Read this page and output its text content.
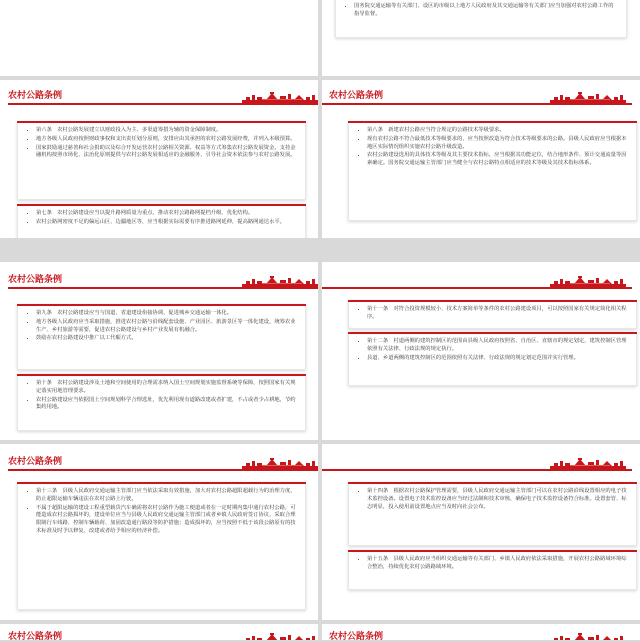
• 国务院交通运输等有关部门、设区的市级以上地方人民政府及其交通运输等有关部门应当加强对农村公路工作的指导监督。
农村公路条例
• 第六条　农村公路发展建立以财政投入为主、多渠道筹措为辅的资金保障制度。
• 地方各级人民政府按照财政事权和支出责任划分原则，安排应由其承担的农村公路发展经费，并列入本级预算。
• 国家鼓励通过慈善和社会捐助以及综合开发运营农村公路相关资源、权益等方式筹集农村公路发展资金。支持金融机构按照市场化、法治化原则提供与农村公路发展相适应的金融服务，引导社会资本依法参与农村公路发展。
• 第七条　农村公路建设应当以提升路网质量为重点，推动农村公路路网提档升级、优化结构。
• 农村公路网密度不足的偏远山区、边疆地区等，应当根据实际需要有序推进路网延伸，提高路网通达水平。
• 第八条　新建农村公路应当符合规定的公路技术等级要求。
• 现有农村公路不符合最低技术等级要求的，应当按照改造为符合技术等级要求的公路。县级人民政府应当根据本地区实际情况组织实施农村公路升级改造。
• 农村公路建设选用的具体技术等级及其主要技术指标，应当根据其功能定位，结合地形条件、预计交通流量等因素确定。国务院交通运输主管部门应当健全与农村公路特点相适应的技术等级及其技术指标体系。
农村公路条例
农村公路条例
• 第九条　农村公路建设应当与国道、省道建设衔接协调，促进城乡交通运输一体化。
• 地方各级人民政府应当采取措施，推进农村公路与沿线配套设施、产业园区、旅游景区等一体化建设，统筹农业生产、乡村旅游等需要，促进农村公路建设与乡村产业发展有机融合。
• 鼓励在农村公路建设中推广以工代赈方式。
• 第十条　农村公路建设涉及土地和空间使用的合理需求纳入国土空间规划实施监督系统等保障，按照国家有关规定落实用地管理要求。
• 农村公路建设应当依据国土空间规划科学合理选址，优先利用现有道路改建或者扩建，不占或者少占耕地，节约集约用地。
• 第十一条　对符合投资规模较小、技术方案简单等条件的农村公路建设项目，可以按照国家有关规定简化相关程序。
• 第十二条　村道两侧的建筑控制区的范围由县级人民政府按照省、自治区、直辖市的规定划定，建筑控制区管理依照有关法律、行政法规的规定执行。
• 县道、乡道两侧的建筑控制区的范围依照有关法律、行政法规的规定划定范围并实行管理。
农村公路条例
• 第十三条　县级人民政府交通运输主管部门应当依法采取有效措施，加大对农村公路超限超载行为的治理力度，防止超限运输车辆违法在农村公路上行驶。
• 不属于超限运输的建设工程重型载货汽车确需将农村公路作为施工便道或者在一定时期内集中通行农村公路，可能造成农村公路损坏的，建设单位应当与县级人民政府交通运输主管部门或者乡镇人民政府签订协议，采取合理限制行车线路、控制车辆载荷、加固改造通行路段等防护措施；造成损坏的，应当按照不低于该段公路原有的技术标准及时予以修复、改建或者给予相应的经济补偿。
• 第十四条　根据农村公路保护管理需要，县级人民政府交通运输主管部门可以在农村公路沿线设置相应的电子技术监控设备。设置电子技术监控设备应当经过法制和技术审核，确保电子技术监控设备符合标准。设置套管、标志明显，投入使用前设置地点应当及时向社会公布。
• 第十五条　县级人民政府应当组织交通运输等有关部门、乡镇人民政府依法采取措施，开展农村公路路域环境综合整治，持续优化农村公路路域环境。
农村公路条例	农村公路条例
